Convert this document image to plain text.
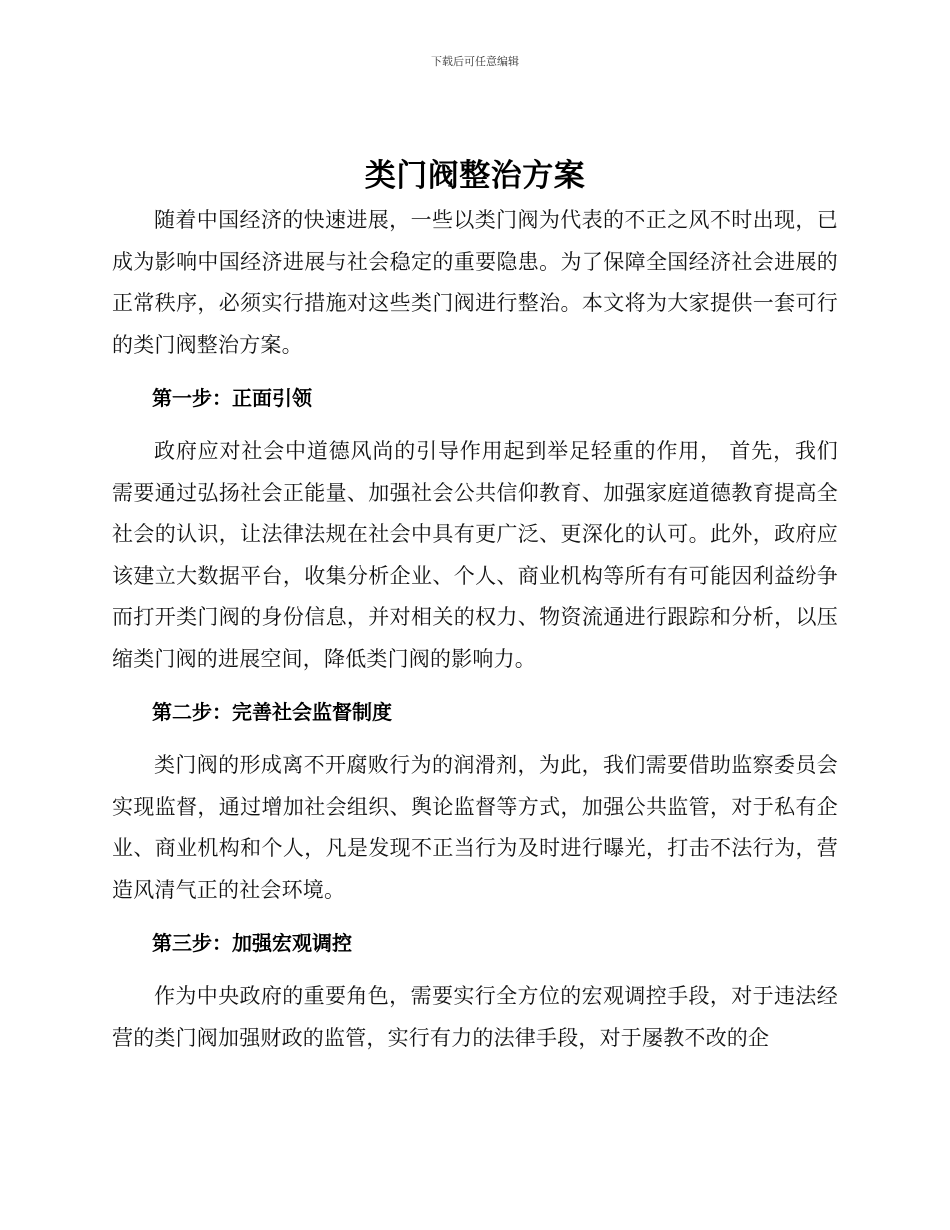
下载后可任意编辑
类门阀整治方案

随着中国经济的快速进展，一些以类门阀为代表的不正之风不时出现，已成为影响中国经济进展与社会稳定的重要隐患。为了保障全国经济社会进展的正常秩序，必须实行措施对这些类门阀进行整治。本文将为大家提供一套可行的类门阀整治方案。

第一步：正面引领

政府应对社会中道德风尚的引导作用起到举足轻重的作用， 首先，我们需要通过弘扬社会正能量、加强社会公共信仰教育、加强家庭道德教育提高全社会的认识，让法律法规在社会中具有更广泛、更深化的认可。此外，政府应该建立大数据平台，收集分析企业、个人、商业机构等所有有可能因利益纷争而打开类门阀的身份信息，并对相关的权力、物资流通进行跟踪和分析，以压缩类门阀的进展空间，降低类门阀的影响力。

第二步：完善社会监督制度

类门阀的形成离不开腐败行为的润滑剂，为此，我们需要借助监察委员会实现监督，通过增加社会组织、舆论监督等方式，加强公共监管，对于私有企业、商业机构和个人，凡是发现不正当行为及时进行曝光，打击不法行为，营造风清气正的社会环境。

第三步：加强宏观调控

作为中央政府的重要角色，需要实行全方位的宏观调控手段，对于违法经营的类门阀加强财政的监管，实行有力的法律手段，对于屡教不改的企
